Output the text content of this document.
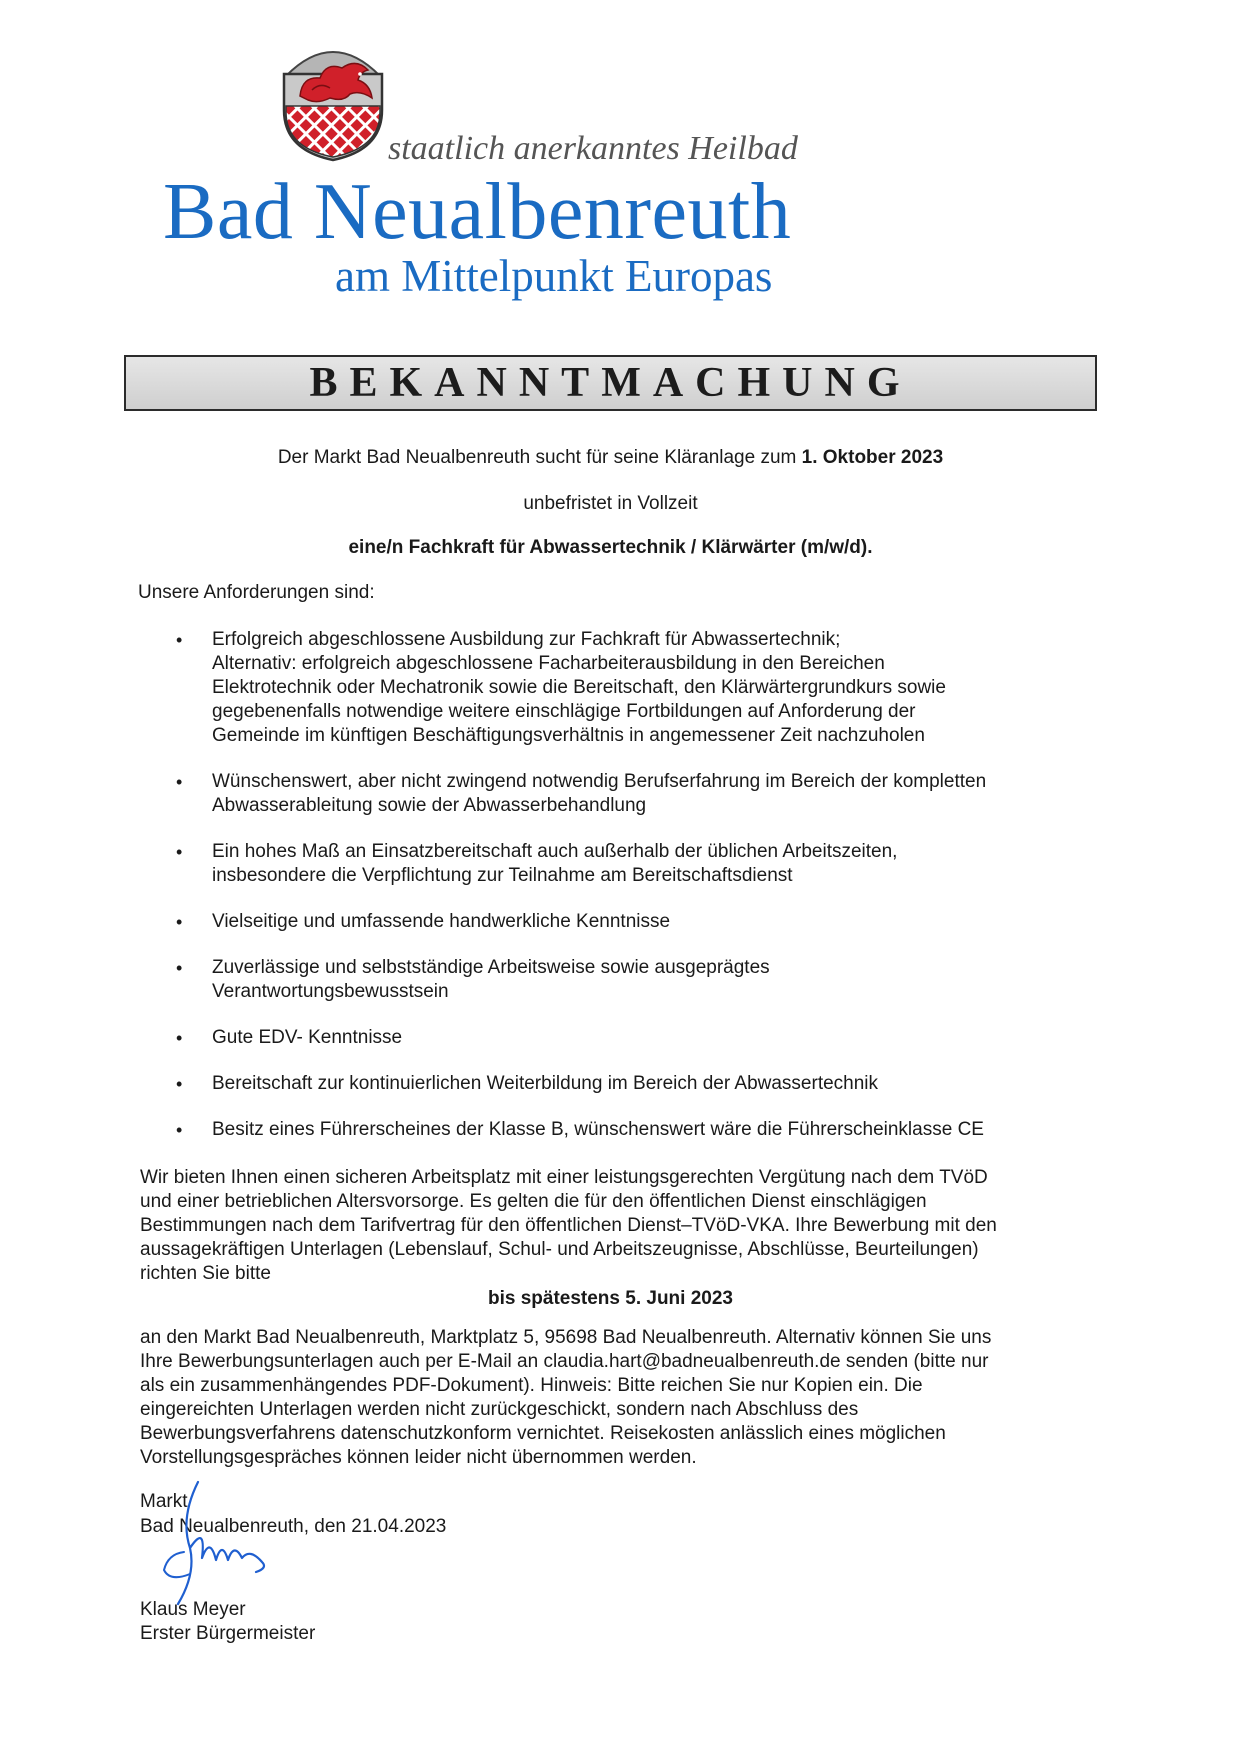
staatlich anerkanntes Heilbad
Bad Neualbenreuth
am Mittelpunkt Europas
BEKANNTMACHUNG
Der Markt Bad Neualbenreuth sucht für seine Kläranlage zum 1. Oktober 2023
unbefristet in Vollzeit
eine/n Fachkraft für Abwassertechnik / Klärwärter (m/w/d).
Unsere Anforderungen sind:
• Erfolgreich abgeschlossene Ausbildung zur Fachkraft für Abwassertechnik;
Alternativ: erfolgreich abgeschlossene Facharbeiterausbildung in den Bereichen
Elektrotechnik oder Mechatronik sowie die Bereitschaft, den Klärwärtergrundkurs sowie
gegebenenfalls notwendige weitere einschlägige Fortbildungen auf Anforderung der
Gemeinde im künftigen Beschäftigungsverhältnis in angemessener Zeit nachzuholen
• Wünschenswert, aber nicht zwingend notwendig Berufserfahrung im Bereich der kompletten
Abwasserableitung sowie der Abwasserbehandlung
• Ein hohes Maß an Einsatzbereitschaft auch außerhalb der üblichen Arbeitszeiten,
insbesondere die Verpflichtung zur Teilnahme am Bereitschaftsdienst
• Vielseitige und umfassende handwerkliche Kenntnisse
• Zuverlässige und selbstständige Arbeitsweise sowie ausgeprägtes
Verantwortungsbewusstsein
• Gute EDV- Kenntnisse
• Bereitschaft zur kontinuierlichen Weiterbildung im Bereich der Abwassertechnik
• Besitz eines Führerscheines der Klasse B, wünschenswert wäre die Führerscheinklasse CE
Wir bieten Ihnen einen sicheren Arbeitsplatz mit einer leistungsgerechten Vergütung nach dem TVöD
und einer betrieblichen Altersvorsorge. Es gelten die für den öffentlichen Dienst einschlägigen
Bestimmungen nach dem Tarifvertrag für den öffentlichen Dienst–TVöD-VKA. Ihre Bewerbung mit den
aussagekräftigen Unterlagen (Lebenslauf, Schul- und Arbeitszeugnisse, Abschlüsse, Beurteilungen)
richten Sie bitte
bis spätestens 5. Juni 2023
an den Markt Bad Neualbenreuth, Marktplatz 5, 95698 Bad Neualbenreuth. Alternativ können Sie uns
Ihre Bewerbungsunterlagen auch per E-Mail an claudia.hart@badneualbenreuth.de senden (bitte nur
als ein zusammenhängendes PDF-Dokument). Hinweis: Bitte reichen Sie nur Kopien ein. Die
eingereichten Unterlagen werden nicht zurückgeschickt, sondern nach Abschluss des
Bewerbungsverfahrens datenschutzkonform vernichtet. Reisekosten anlässlich eines möglichen
Vorstellungsgespräches können leider nicht übernommen werden.
Markt
Bad Neualbenreuth, den 21.04.2023
Klaus Meyer
Erster Bürgermeister
